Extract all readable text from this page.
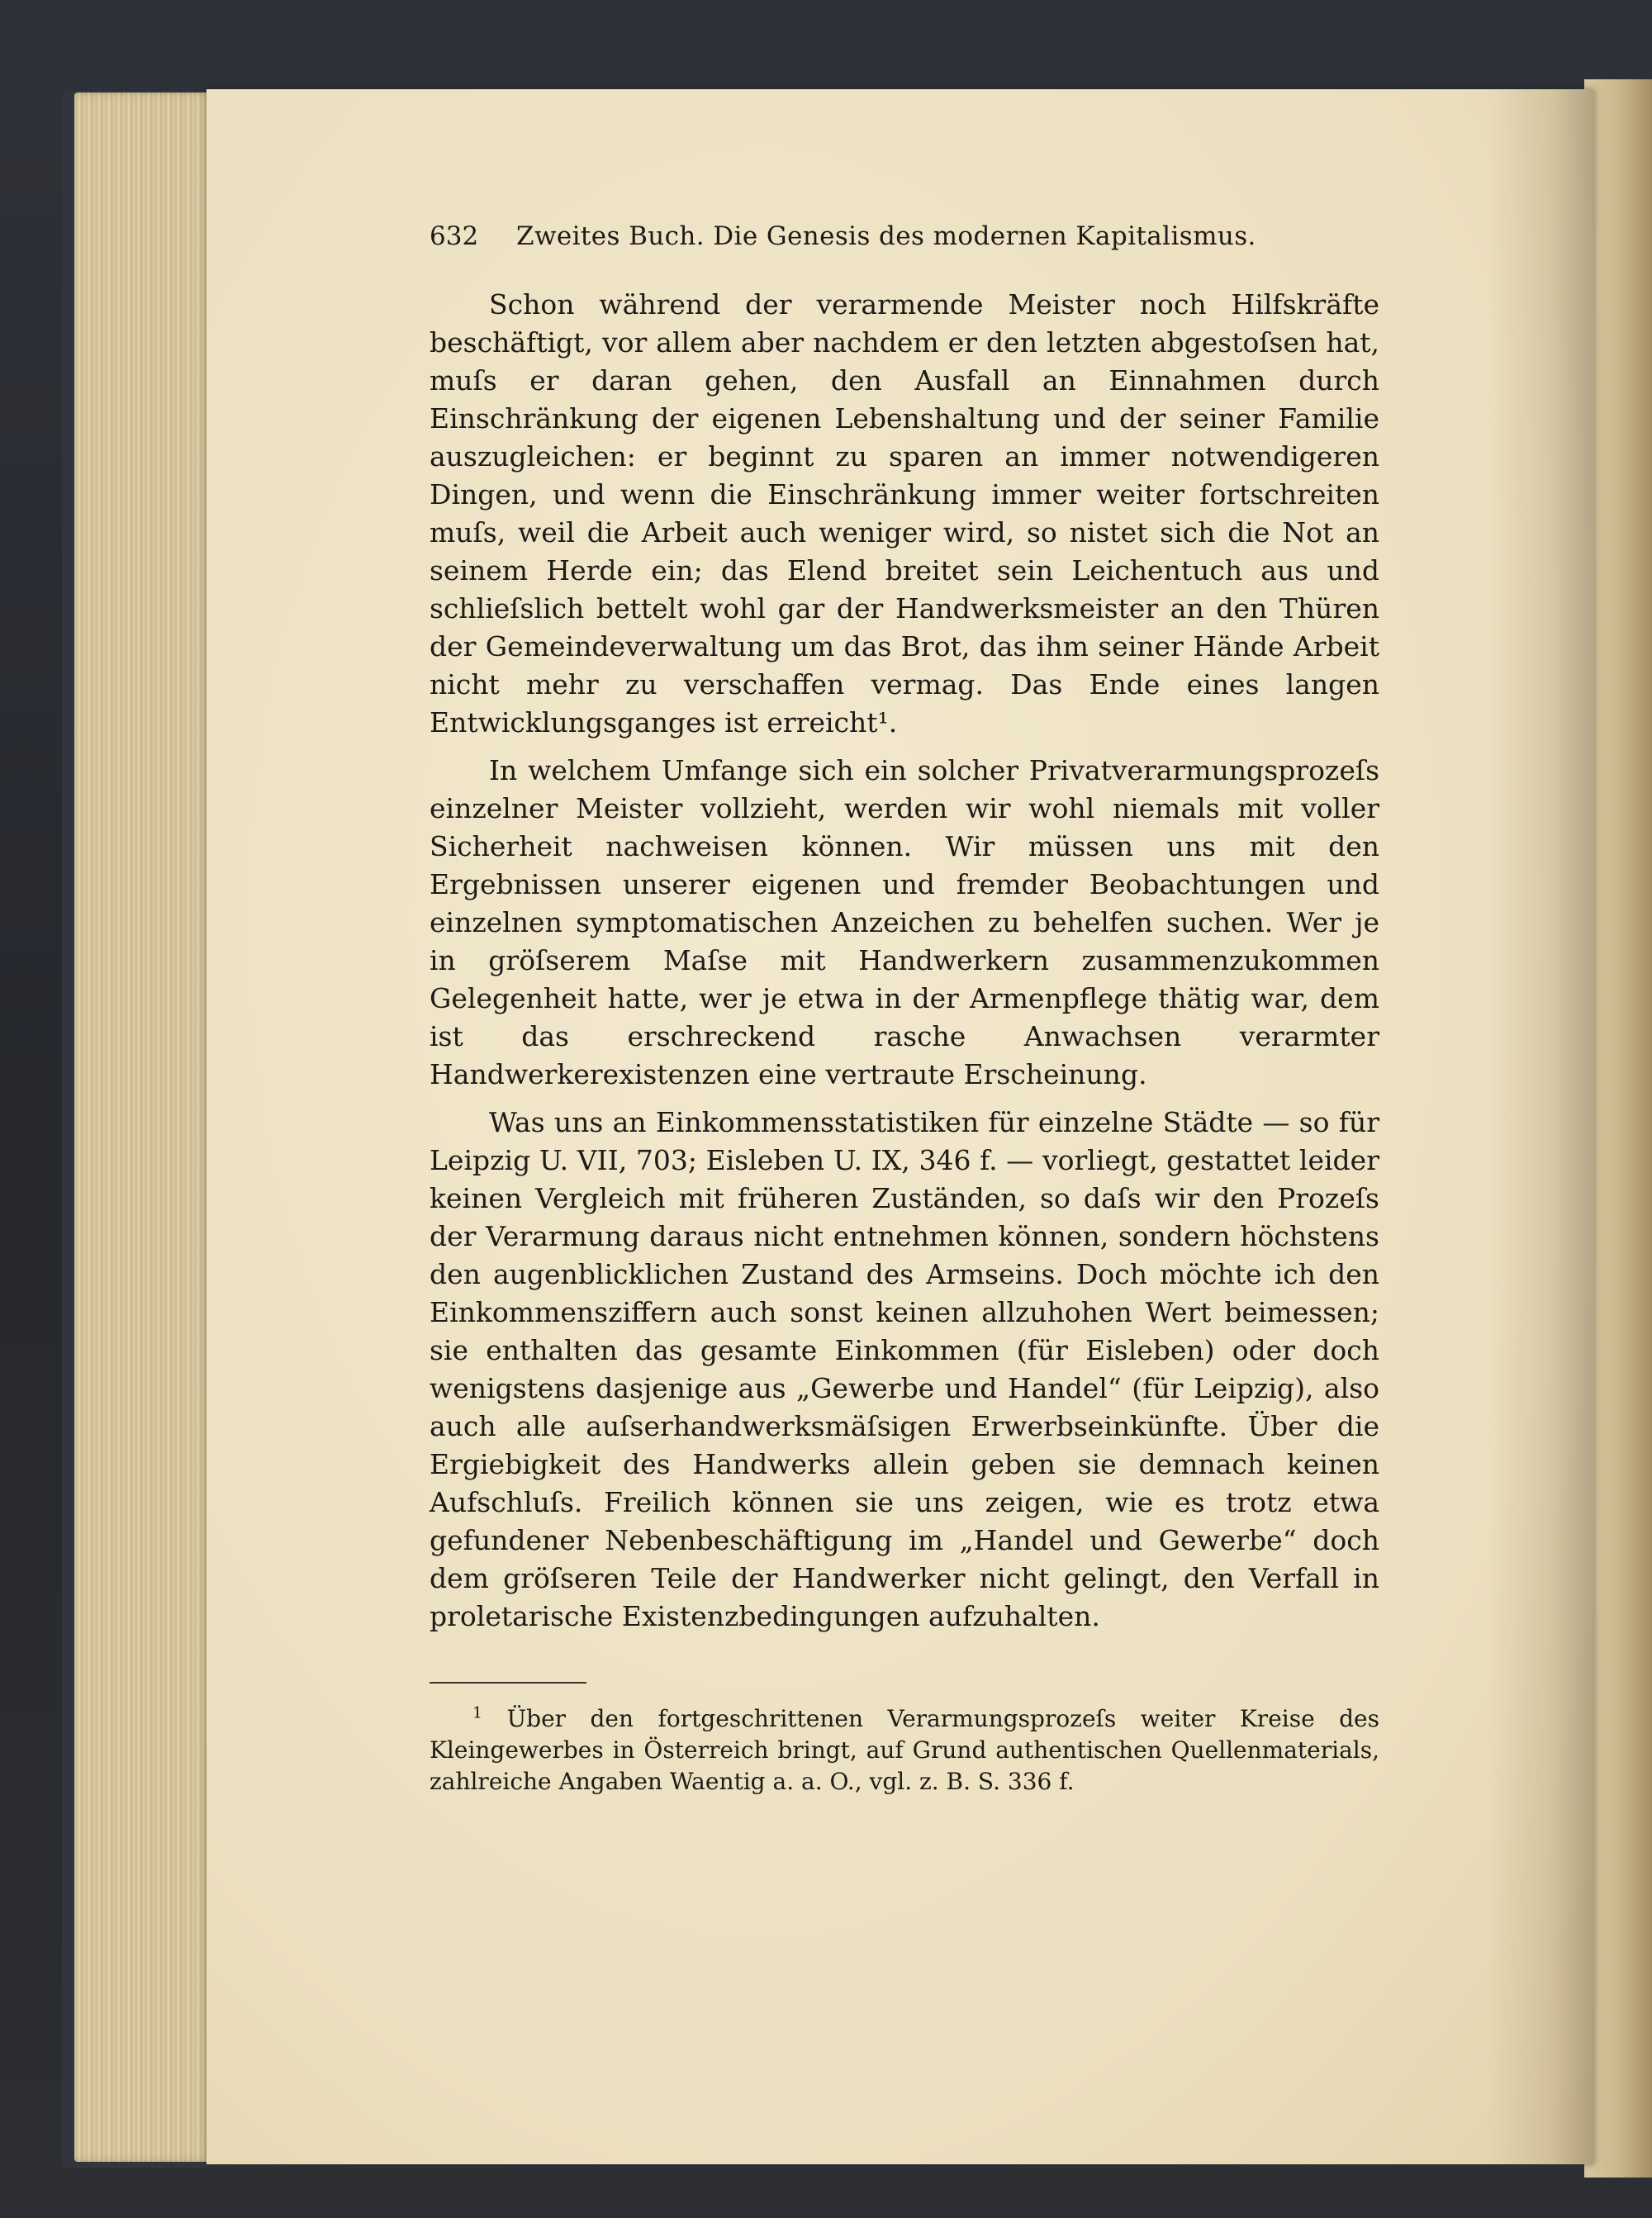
632	Zweites Buch. Die Genesis des modernen Kapitalismus.

Schon während der verarmende Meister noch Hilfskräfte beschäftigt, vor allem aber nachdem er den letzten abgestoſsen hat, muſs er daran gehen, den Ausfall an Einnahmen durch Einschränkung der eigenen Lebenshaltung und der seiner Familie auszugleichen: er beginnt zu sparen an immer notwendigeren Dingen, und wenn die Einschränkung immer weiter fortschreiten muſs, weil die Arbeit auch weniger wird, so nistet sich die Not an seinem Herde ein; das Elend breitet sein Leichentuch aus und schlieſslich bettelt wohl gar der Handwerksmeister an den Thüren der Gemeindeverwaltung um das Brot, das ihm seiner Hände Arbeit nicht mehr zu verschaffen vermag. Das Ende eines langen Entwicklungsganges ist erreicht¹.

In welchem Umfange sich ein solcher Privatverarmungsprozeſs einzelner Meister vollzieht, werden wir wohl niemals mit voller Sicherheit nachweisen können. Wir müssen uns mit den Ergebnissen unserer eigenen und fremder Beobachtungen und einzelnen symptomatischen Anzeichen zu behelfen suchen. Wer je in gröſserem Maſse mit Handwerkern zusammenzukommen Gelegenheit hatte, wer je etwa in der Armenpflege thätig war, dem ist das erschreckend rasche Anwachsen verarmter Handwerkerexistenzen eine vertraute Erscheinung.

Was uns an Einkommensstatistiken für einzelne Städte — so für Leipzig U. VII, 703; Eisleben U. IX, 346 f. — vorliegt, gestattet leider keinen Vergleich mit früheren Zuständen, so daſs wir den Prozeſs der Verarmung daraus nicht entnehmen können, sondern höchstens den augenblicklichen Zustand des Armseins. Doch möchte ich den Einkommensziffern auch sonst keinen allzuhohen Wert beimessen; sie enthalten das gesamte Einkommen (für Eisleben) oder doch wenigstens dasjenige aus „Gewerbe und Handel“ (für Leipzig), also auch alle auſserhandwerksmäſsigen Erwerbseinkünfte. Über die Ergiebigkeit des Handwerks allein geben sie demnach keinen Aufschluſs. Freilich können sie uns zeigen, wie es trotz etwa gefundener Nebenbeschäftigung im „Handel und Gewerbe“ doch dem gröſseren Teile der Handwerker nicht gelingt, den Verfall in proletarische Existenzbedingungen aufzuhalten.

$^1$ Über den fortgeschrittenen Verarmungsprozeſs weiter Kreise des Kleingewerbes in Österreich bringt, auf Grund authentischen Quellenmaterials, zahlreiche Angaben Waentig a. a. O., vgl. z. B. S. 336 f.
